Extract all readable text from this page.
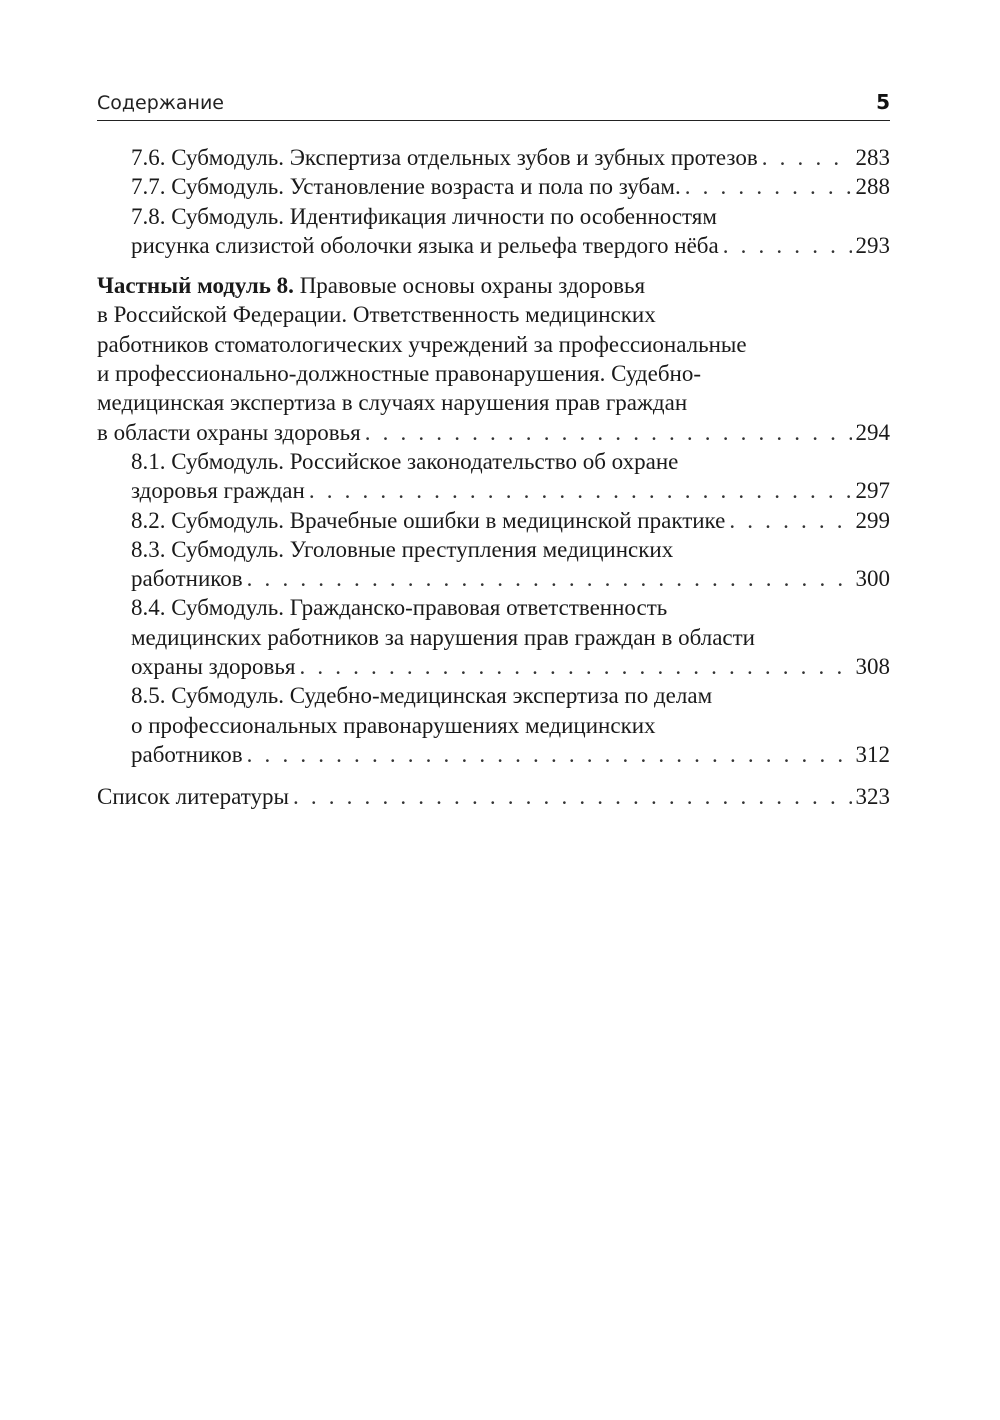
Содержание	5
7.6. Субмодуль. Экспертиза отдельных зубов и зубных протезов . . .	283
7.7. Субмодуль. Установление возраста и пола по зубам. . . .	288
7.8. Субмодуль. Идентификация личности по особенностям
рисунка слизистой оболочки языка и рельефа твердого нёба . . .	293
Частный модуль 8. Правовые основы охраны здоровья
в Российской Федерации. Ответственность медицинских
работников стоматологических учреждений за профессиональные
и профессионально-должностные правонарушения. Судебно-
медицинская экспертиза в случаях нарушения прав граждан
в области охраны здоровья . . .	294
8.1. Субмодуль. Российское законодательство об охране
здоровья граждан . . .	297
8.2. Субмодуль. Врачебные ошибки в медицинской практике . . .	299
8.3. Субмодуль. Уголовные преступления медицинских
работников . . .	300
8.4. Субмодуль. Гражданско-правовая ответственность
медицинских работников за нарушения прав граждан в области
охраны здоровья . . .	308
8.5. Субмодуль. Судебно-медицинская экспертиза по делам
о профессиональных правонарушениях медицинских
работников . . .	312
Список литературы . . .	323
